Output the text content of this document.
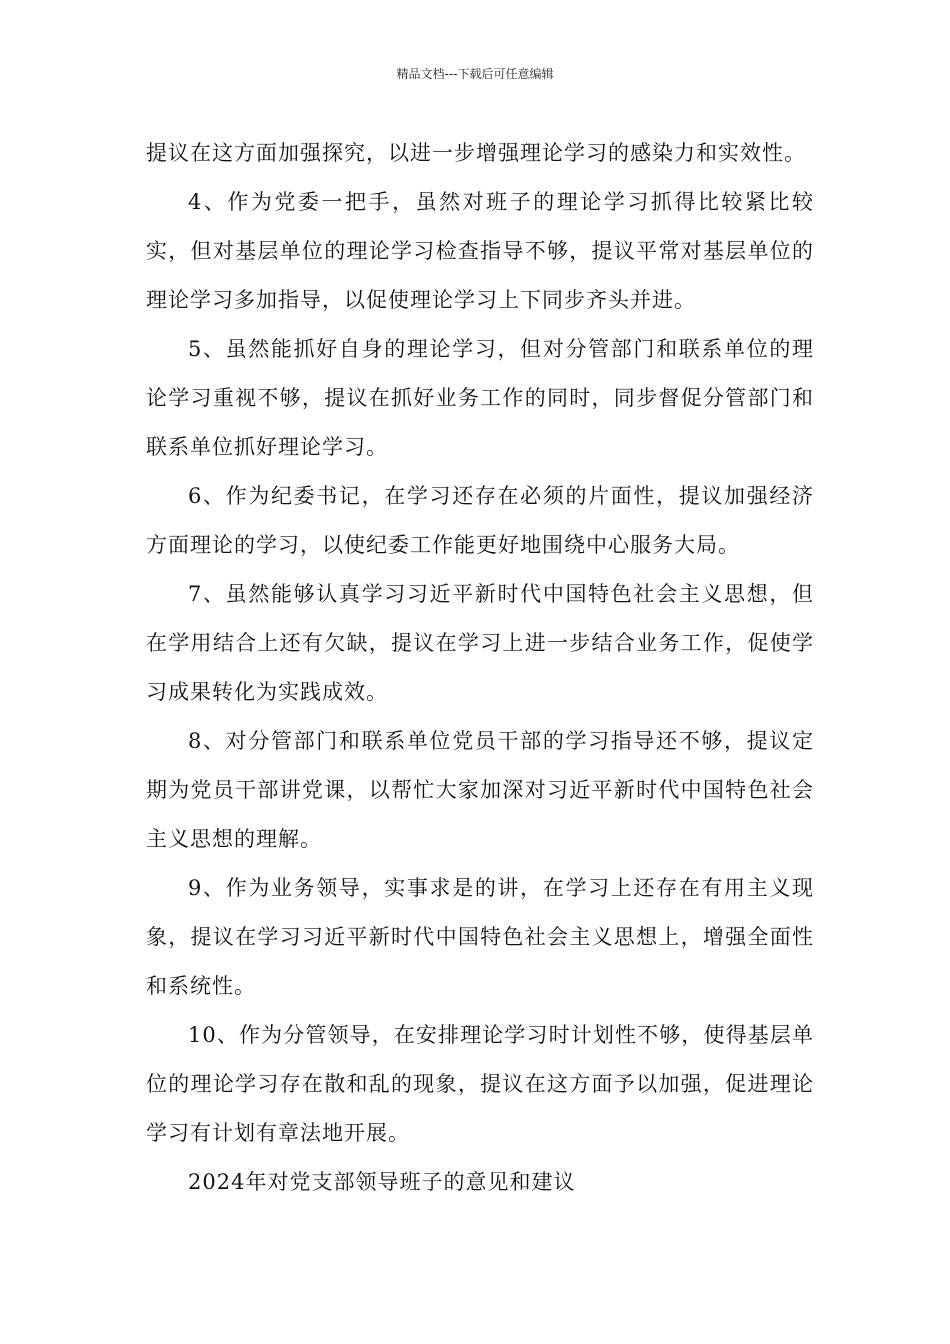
精品文档---下载后可任意编辑

提议在这方面加强探究，以进一步增强理论学习的感染力和实效性。

4、作为党委一把手，虽然对班子的理论学习抓得比较紧比较实，但对基层单位的理论学习检查指导不够，提议平常对基层单位的理论学习多加指导，以促使理论学习上下同步齐头并进。

5、虽然能抓好自身的理论学习，但对分管部门和联系单位的理论学习重视不够，提议在抓好业务工作的同时，同步督促分管部门和联系单位抓好理论学习。

6、作为纪委书记，在学习还存在必须的片面性，提议加强经济方面理论的学习，以使纪委工作能更好地围绕中心服务大局。

7、虽然能够认真学习习近平新时代中国特色社会主义思想，但在学用结合上还有欠缺，提议在学习上进一步结合业务工作，促使学习成果转化为实践成效。

8、对分管部门和联系单位党员干部的学习指导还不够，提议定期为党员干部讲党课，以帮忙大家加深对习近平新时代中国特色社会主义思想的理解。

9、作为业务领导，实事求是的讲，在学习上还存在有用主义现象，提议在学习习近平新时代中国特色社会主义思想上，增强全面性和系统性。

10、作为分管领导，在安排理论学习时计划性不够，使得基层单位的理论学习存在散和乱的现象，提议在这方面予以加强，促进理论学习有计划有章法地开展。

2024年对党支部领导班子的意见和建议
